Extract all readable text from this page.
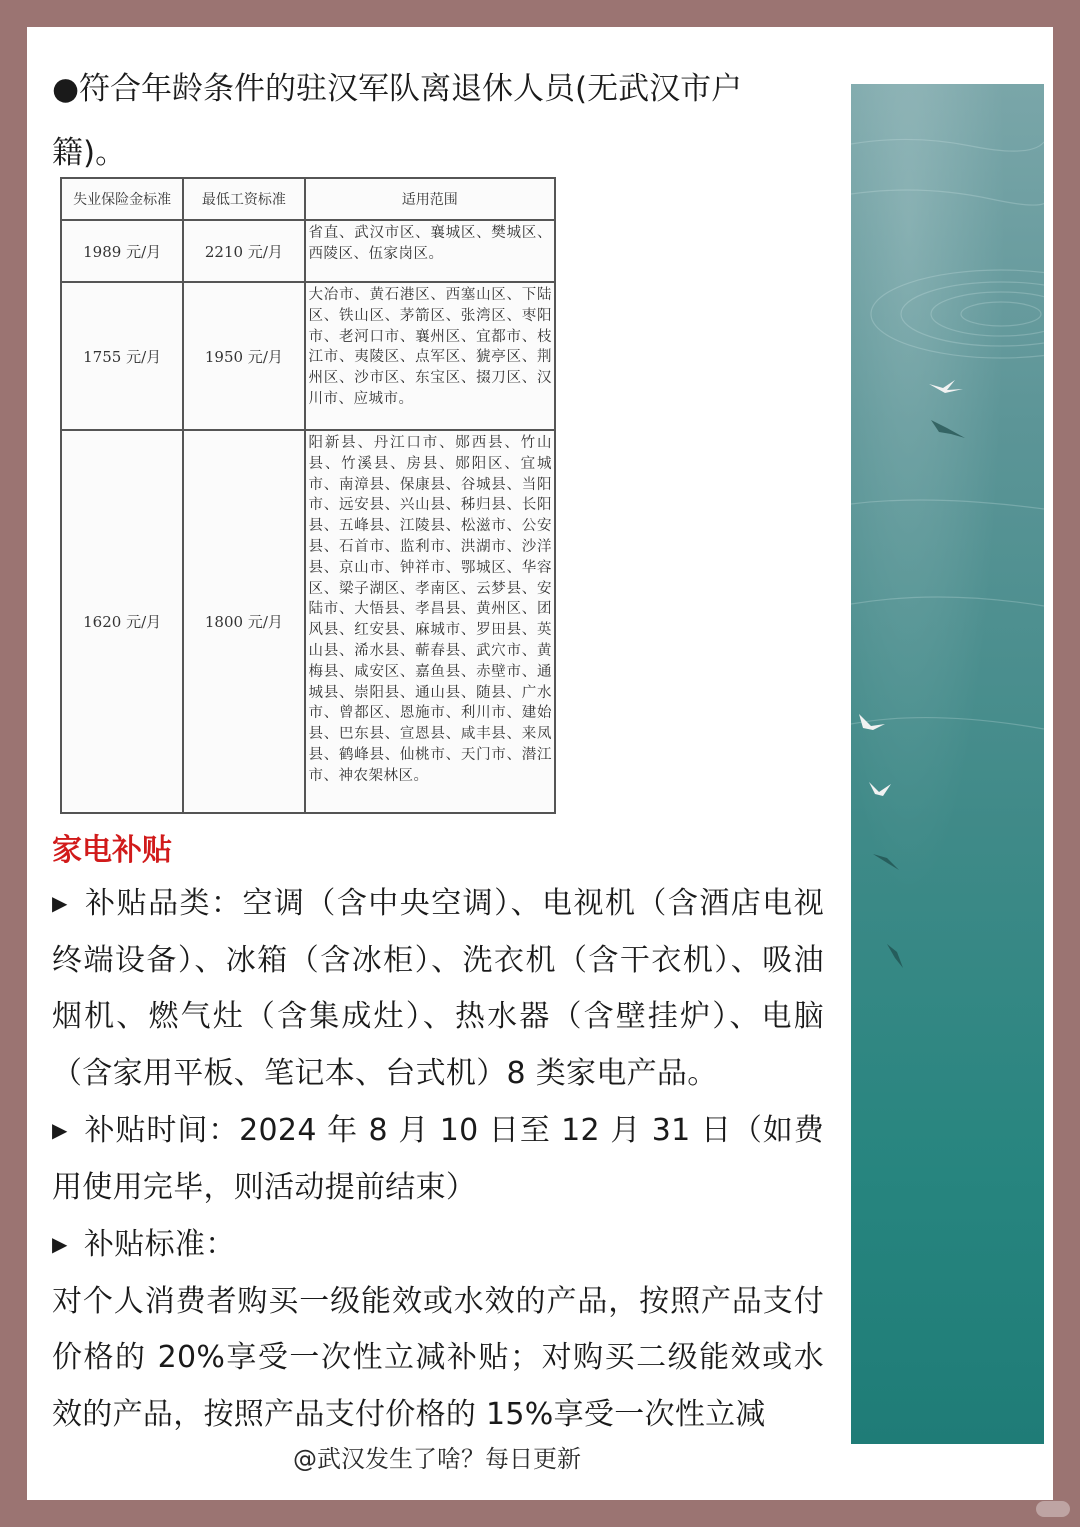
●符合年龄条件的驻汉军队离退休人员(无武汉市户籍)。
失业保险金标准	最低工资标准	适用范围
1989 元/月	2210 元/月	省直、武汉市区、襄城区、樊城区、西陵区、伍家岗区。
1755 元/月	1950 元/月	大冶市、黄石港区、西塞山区、下陆区、铁山区、茅箭区、张湾区、枣阳市、老河口市、襄州区、宜都市、枝江市、夷陵区、点军区、猇亭区、荆州区、沙市区、东宝区、掇刀区、汉川市、应城市。
1620 元/月	1800 元/月	阳新县、丹江口市、郧西县、竹山县、竹溪县、房县、郧阳区、宜城市、南漳县、保康县、谷城县、当阳市、远安县、兴山县、秭归县、长阳县、五峰县、江陵县、松滋市、公安县、石首市、监利市、洪湖市、沙洋县、京山市、钟祥市、鄂城区、华容区、梁子湖区、孝南区、云梦县、安陆市、大悟县、孝昌县、黄州区、团风县、红安县、麻城市、罗田县、英山县、浠水县、蕲春县、武穴市、黄梅县、咸安区、嘉鱼县、赤壁市、通城县、崇阳县、通山县、随县、广水市、曾都区、恩施市、利川市、建始县、巴东县、宣恩县、咸丰县、来凤县、鹤峰县、仙桃市、天门市、潜江市、神农架林区。
家电补贴

▶ 补贴品类：空调（含中央空调）、电视机（含酒店电视终端设备）、冰箱（含冰柜）、洗衣机（含干衣机）、吸油烟机、燃气灶（含集成灶）、热水器（含壁挂炉）、电脑（含家用平板、笔记本、台式机）8 类家电产品。

▶ 补贴时间：2024 年 8 月 10 日至 12 月 31 日（如费用使用完毕，则活动提前结束）

▶ 补贴标准：

对个人消费者购买一级能效或水效的产品，按照产品支付价格的 20%享受一次性立减补贴；对购买二级能效或水效的产品，按照产品支付价格的 15%享受一次性立减

@武汉发生了啥？每日更新
